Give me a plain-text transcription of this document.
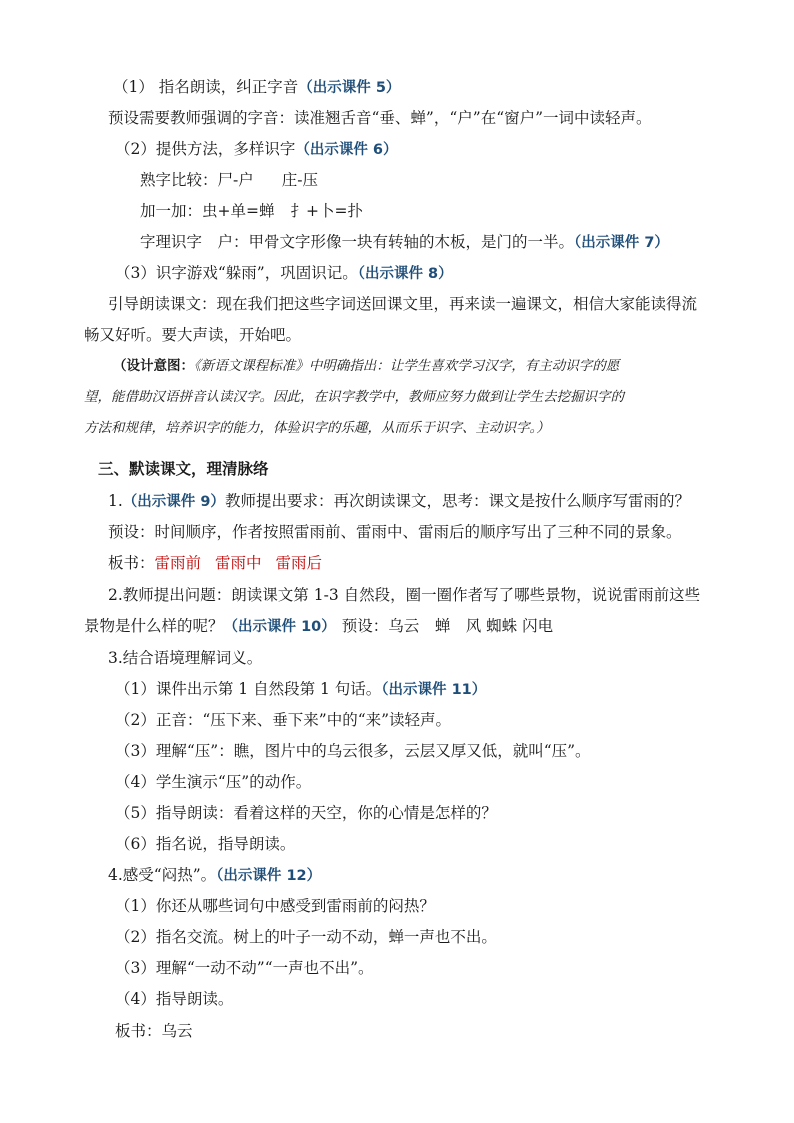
（1） 指名朗读，纠正字音（出示课件 5）
预设需要教师强调的字音：读准翘舌音“垂、蝉”，“户”在“窗户”一词中读轻声。
（2）提供方法，多样识字（出示课件 6）
熟字比较：尸-户 庄-压
加一加：虫+单=蝉 扌+卜=扑
字理识字　户：甲骨文字形像一块有转轴的木板，是门的一半。（出示课件 7）
（3）识字游戏“躲雨”，巩固识记。（出示课件 8）
引导朗读课文：现在我们把这些字词送回课文里，再来读一遍课文，相信大家能读得流
畅又好听。要大声读，开始吧。
（设计意图：《新语文课程标准》中明确指出：让学生喜欢学习汉字，有主动识字的愿
望，能借助汉语拼音认读汉字。因此，在识字教学中，教师应努力做到让学生去挖掘识字的
方法和规律，培养识字的能力，体验识字的乐趣，从而乐于识字、主动识字。）
三、默读课文，理清脉络
1.（出示课件 9）教师提出要求：再次朗读课文，思考：课文是按什么顺序写雷雨的？
预设：时间顺序，作者按照雷雨前、雷雨中、雷雨后的顺序写出了三种不同的景象。
板书：雷雨前 雷雨中 雷雨后
2.教师提出问题：朗读课文第 1-3 自然段，圈一圈作者写了哪些景物，说说雷雨前这些
景物是什么样的呢？（出示课件 10） 预设：乌云　蝉　风 蜘蛛 闪电
3.结合语境理解词义。
（1）课件出示第 1 自然段第 1 句话。（出示课件 11）
（2）正音：“压下来、垂下来”中的“来”读轻声。
（3）理解“压”：瞧，图片中的乌云很多，云层又厚又低，就叫“压”。
（4）学生演示“压”的动作。
（5）指导朗读：看着这样的天空，你的心情是怎样的？
（6）指名说，指导朗读。
4.感受“闷热”。（出示课件 12）
（1）你还从哪些词句中感受到雷雨前的闷热？
（2）指名交流。树上的叶子一动不动，蝉一声也不出。
（3）理解“一动不动”“一声也不出”。
（4）指导朗读。
板书：乌云
